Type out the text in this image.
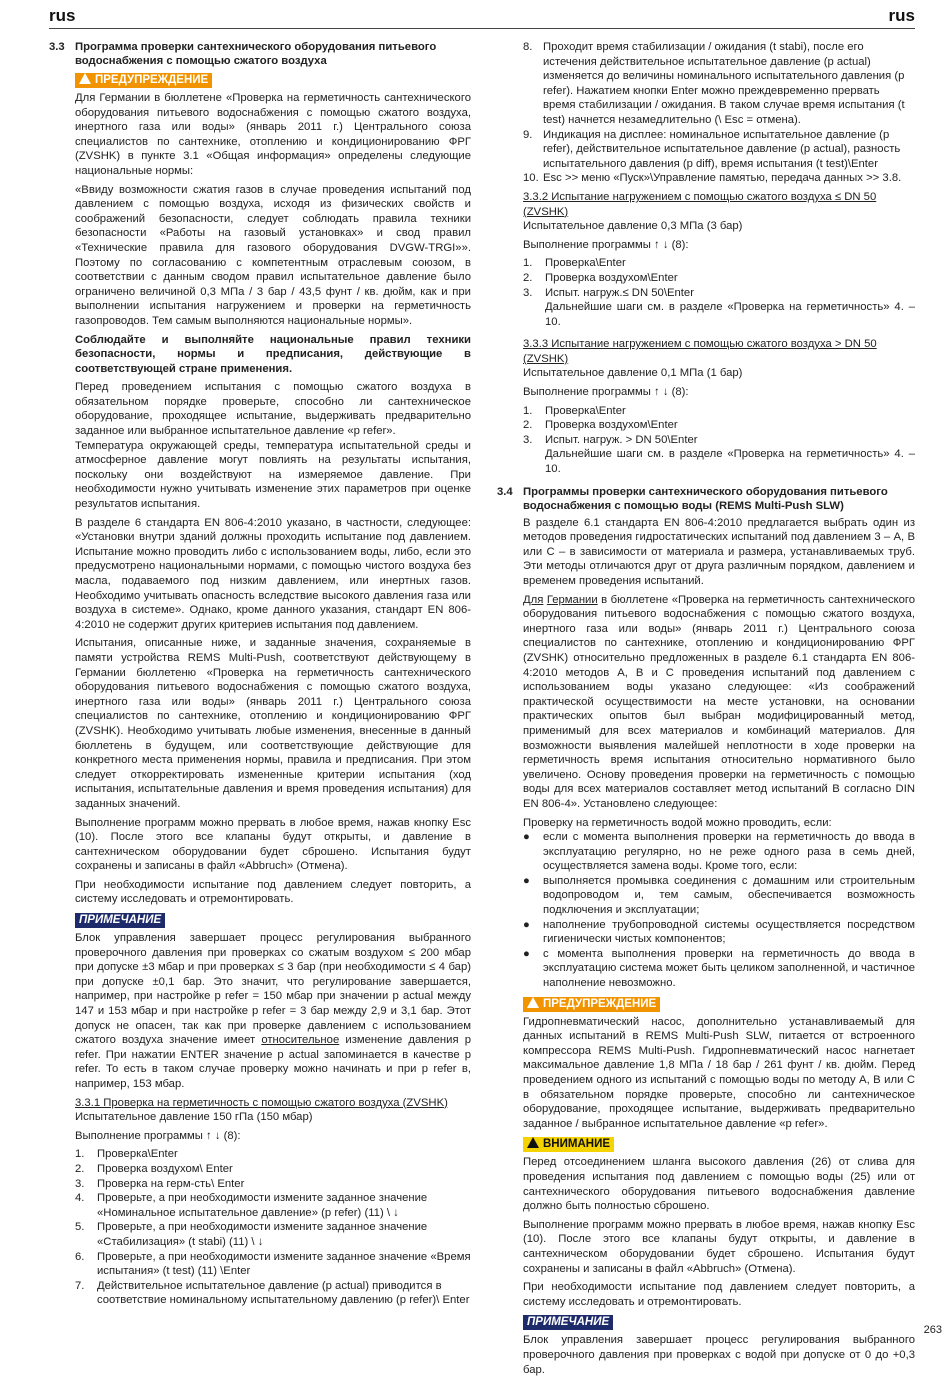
rus	rus
3.3 Программа проверки сантехнического оборудования питьевого водоснабжения с помощью сжатого воздуха
ПРЕДУПРЕЖДЕНИЕ

Для Германии в бюллетене «Проверка на герметичность сантехнического оборудования питьевого водоснабжения с помощью сжатого воздуха, инертного газа или воды» (январь 2011 г.) Центрального союза специалистов по сантехнике, отоплению и кондиционированию ФРГ (ZVSHK) в пункте 3.1 «Общая информация» определены следующие национальные нормы:

«Ввиду возможности сжатия газов в случае проведения испытаний под давлением с помощью воздуха, исходя из физических свойств и соображений безопасности, следует соблюдать правила техники безопасности «Работы на газовый установках» и свод правил «Технические правила для газового оборудования DVGW-TRGI»». Поэтому по согласованию с компетентным отраслевым союзом, в соответствии с данным сводом правил испытательное давление было ограничено величиной 0,3 МПа / 3 бар / 43,5 фунт / кв. дюйм, как и при выполнении испытания нагружением и проверки на герметичность газопроводов. Тем самым выполняются национальные нормы».

Соблюдайте и выполняйте национальные правил техники безопасности, нормы и предписания, действующие в соответствующей стране применения.

Перед проведением испытания с помощью сжатого воздуха в обязательном порядке проверьте, способно ли сантехническое оборудование, проходящее испытание, выдерживать предварительно заданное или выбранное испытательное давление «p refer».

Температура окружающей среды, температура испытательной среды и атмосферное давление могут повлиять на результаты испытания, поскольку они воздействуют на измеряемое давление. При необходимости нужно учитывать изменение этих параметров при оценке результатов испытания.

В разделе 6 стандарта EN 806-4:2010 указано, в частности, следующее: «Установки внутри зданий должны проходить испытание под давлением. Испытание можно проводить либо с использованием воды, либо, если это предусмотрено национальными нормами, с помощью чистого воздуха без масла, подаваемого под низким давлением, или инертных газов. Необходимо учитывать опасность вследствие высокого давления газа или воздуха в системе». Однако, кроме данного указания, стандарт EN 806-4:2010 не содержит других критериев испытания под давлением.

Испытания, описанные ниже, и заданные значения, сохраняемые в памяти устройства REMS Multi-Push, соответствуют действующему в Германии бюллетеню «Проверка на герметичность сантехнического оборудования питьевого водоснабжения с помощью сжатого воздуха, инертного газа или воды» (январь 2011 г.) Центрального союза специалистов по сантехнике, отоплению и кондиционированию ФРГ (ZVSHK). Необходимо учитывать любые изменения, внесенные в данный бюллетень в будущем, или соответствующие действующие для конкретного места применения нормы, правила и предписания. При этом следует откорректировать измененные критерии испытания (ход испытания, испытательные давления и время проведения испытания) для заданных значений.

Выполнение программ можно прервать в любое время, нажав кнопку Esc (10). После этого все клапаны будут открыты, и давление в сантехническом оборудовании будет сброшено. Испытания будут сохранены и записаны в файл «Abbruch» (Отмена).

При необходимости испытание под давлением следует повторить, а систему исследовать и отремонтировать.

ПРИМЕЧАНИЕ

Блок управления завершает процесс регулирования выбранного проверочного давления при проверках со сжатым воздухом ≤ 200 мбар при допуске ±3 мбар и при проверках ≤ 3 бар (при необходимости ≤ 4 бар) при допуске ±0,1 бар. Это значит, что регулирование завершается, например, при настройке p refer = 150 мбар при значении p actual между 147 и 153 мбар и при настройке p refer = 3 бар между 2,9 и 3,1 бар. Этот допуск не опасен, так как при проверке давлением с использованием сжатого воздуха значение имеет относительное изменение давления p refer. При нажатии ENTER значение p actual запоминается в качестве p refer. То есть в таком случае проверку можно начинать и при p refer в, например, 153 мбар.

3.3.1 Проверка на герметичность с помощью сжатого воздуха (ZVSHK)

Испытательное давление 150 гПа (150 мбар)

Выполнение программы ↑ ↓ (8):

1.	Проверка\Enter
2.	Проверка воздухом\ Enter
3.	Проверка на герм-сть\ Enter
4.	Проверьте, а при необходимости измените заданное значение «Номинальное испытательное давление» (p refer) (11) \ ↓
5.	Проверьте, а при необходимости измените заданное значение «Стабилизация» (t stabi) (11) \ ↓
6.	Проверьте, а при необходимости измените заданное значение «Время испытания» (t test) (11) \Enter
7.	Действительное испытательное давление (p actual) приводится в соответствие номинальному испытательному давлению (p refer)\ Enter
8. Проходит время стабилизации / ожидания (t stabi), после его истечения действительное испытательное давление (p actual) изменяется до величины номинального испытательного давления (p refer). Нажатием кнопки Enter можно преждевременно прервать время стабилизации / ожидания. В таком случае время испытания (t test) начнется незамедлительно (\ Esc = отмена).
9. Индикация на дисплее: номинальное испытательное давление (p refer), действительное испытательное давление (p actual), разность испытательного давления (p diff), время испытания (t test)\Enter
10. Esc >> меню «Пуск»\Управление памятью, передача данных >> 3.8.
3.3.2 Испытание нагружением с помощью сжатого воздуха ≤ DN 50 (ZVSHK)

Испытательное давление 0,3 МПа (3 бар)

Выполнение программы ↑ ↓ (8):

1.	Проверка\Enter
2.	Проверка воздухом\Enter
3.	Испыт. нагруж.≤ DN 50\Enter

Дальнейшие шаги см. в разделе «Проверка на герметичность» 4. – 10.

3.3.3 Испытание нагружением с помощью сжатого воздуха > DN 50 (ZVSHK)

Испытательное давление 0,1 МПа (1 бар)

Выполнение программы ↑ ↓ (8):

1.	Проверка\Enter
2.	Проверка воздухом\Enter
3.	Испыт. нагруж. > DN 50\Enter

Дальнейшие шаги см. в разделе «Проверка на герметичность» 4. – 10.

3.4 Программы проверки сантехнического оборудования питьевого водоснабжения с помощью воды (REMS Multi-Push SLW)

В разделе 6.1 стандарта EN 806-4:2010 предлагается выбрать один из методов проведения гидростатических испытаний под давлением 3 – А, В или С – в зависимости от материала и размера, устанавливаемых труб. Эти методы отличаются друг от друга различным порядком, давлением и временем проведения испытаний.

Для Германии в бюллетене «Проверка на герметичность сантехнического оборудования питьевого водоснабжения с помощью сжатого воздуха, инертного газа или воды» (январь 2011 г.) Центрального союза специалистов по сантехнике, отоплению и кондиционированию ФРГ (ZVSHK) относительно предложенных в разделе 6.1 стандарта EN 806-4:2010 методов А, В и С проведения испытаний под давлением с использованием воды указано следующее: «Из соображений практической осуществимости на месте установки, на основании практических опытов был выбран модифицированный метод, применимый для всех материалов и комбинаций материалов. Для возможности выявления малейшей неплотности в ходе проверки на герметичность время испытания относительно нормативного было увеличено. Основу проведения проверки на герметичность с помощью воды для всех материалов составляет метод испытаний В согласно DIN EN 806-4». Установлено следующее:

Проверку на герметичность водой можно проводить, если:

●	если с момента выполнения проверки на герметичность до ввода в эксплуатацию регулярно, но не реже одного раза в семь дней, осуществляется замена воды. Кроме того, если:
●	выполняется промывка соединения с домашним или строительным водопроводом и, тем самым, обеспечивается возможность подключения и эксплуатации;
●	наполнение трубопроводной системы осуществляется посредством гигиенически чистых компонентов;
●	с момента выполнения проверки на герметичность до ввода в эксплуатацию система может быть целиком заполненной, и частичное наполнение невозможно.
ПРЕДУПРЕЖДЕНИЕ

Гидропневматический насос, дополнительно устанавливаемый для данных испытаний в REMS Multi-Push SLW, питается от встроенного компрессора REMS Multi-Push. Гидропневматический насос нагнетает максимальное давление 1,8 МПа / 18 бар / 261 фунт / кв. дюйм. Перед проведением одного из испытаний с помощью воды по методу А, В или С в обязательном порядке проверьте, способно ли сантехническое оборудование, проходящее испытание, выдерживать предварительно заданное / выбранное испытательное давление «p refer».

ВНИМАНИЕ

Перед отсоединением шланга высокого давления (26) от слива для проведения испытания под давлением с помощью воды (25) или от сантехнического оборудования питьевого водоснабжения давление должно быть полностью сброшено.

Выполнение программ можно прервать в любое время, нажав кнопку Esc (10). После этого все клапаны будут открыты, и давление в сантехническом оборудовании будет сброшено. Испытания будут сохранены и записаны в файл «Abbruch» (Отмена).

При необходимости испытание под давлением следует повторить, а систему исследовать и отремонтировать.

ПРИМЕЧАНИЕ

Блок управления завершает процесс регулирования выбранного проверочного давления при проверках с водой при допуске от 0 до +0,3 бар.

263
